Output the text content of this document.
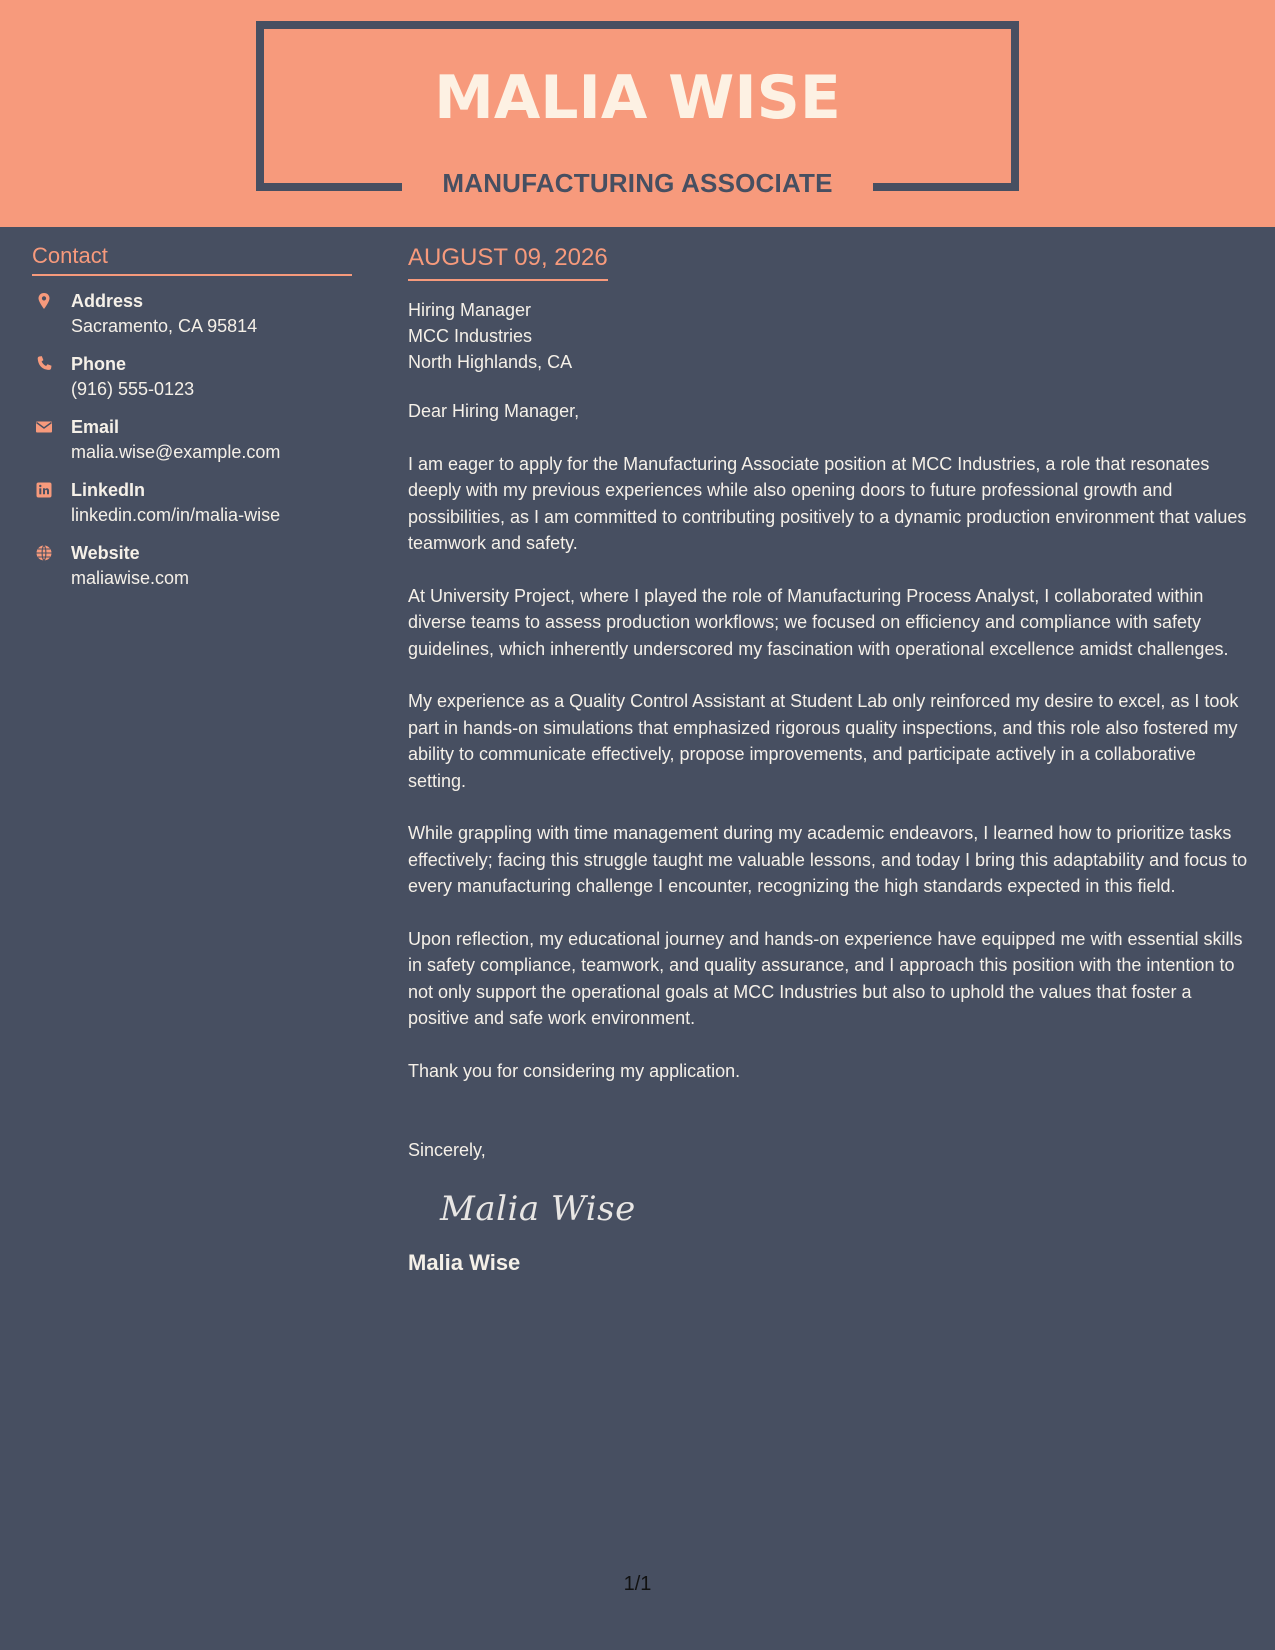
MALIA WISE
MANUFACTURING ASSOCIATE
Contact
Address
Sacramento, CA 95814
Phone
(916) 555-0123
Email
malia.wise@example.com
LinkedIn
linkedin.com/in/malia-wise
Website
maliawise.com
AUGUST 09, 2026
Hiring Manager
MCC Industries
North Highlands, CA

Dear Hiring Manager,

I am eager to apply for the Manufacturing Associate position at MCC Industries, a role that resonates deeply with my previous experiences while also opening doors to future professional growth and possibilities, as I am committed to contributing positively to a dynamic production environment that values teamwork and safety.

At University Project, where I played the role of Manufacturing Process Analyst, I collaborated within diverse teams to assess production workflows; we focused on efficiency and compliance with safety guidelines, which inherently underscored my fascination with operational excellence amidst challenges.

My experience as a Quality Control Assistant at Student Lab only reinforced my desire to excel, as I took part in hands-on simulations that emphasized rigorous quality inspections, and this role also fostered my ability to communicate effectively, propose improvements, and participate actively in a collaborative setting.

While grappling with time management during my academic endeavors, I learned how to prioritize tasks effectively; facing this struggle taught me valuable lessons, and today I bring this adaptability and focus to every manufacturing challenge I encounter, recognizing the high standards expected in this field.

Upon reflection, my educational journey and hands-on experience have equipped me with essential skills in safety compliance, teamwork, and quality assurance, and I approach this position with the intention to not only support the operational goals at MCC Industries but also to uphold the values that foster a positive and safe work environment.

Thank you for considering my application.

Sincerely,

Malia Wise
Malia Wise
1/1
